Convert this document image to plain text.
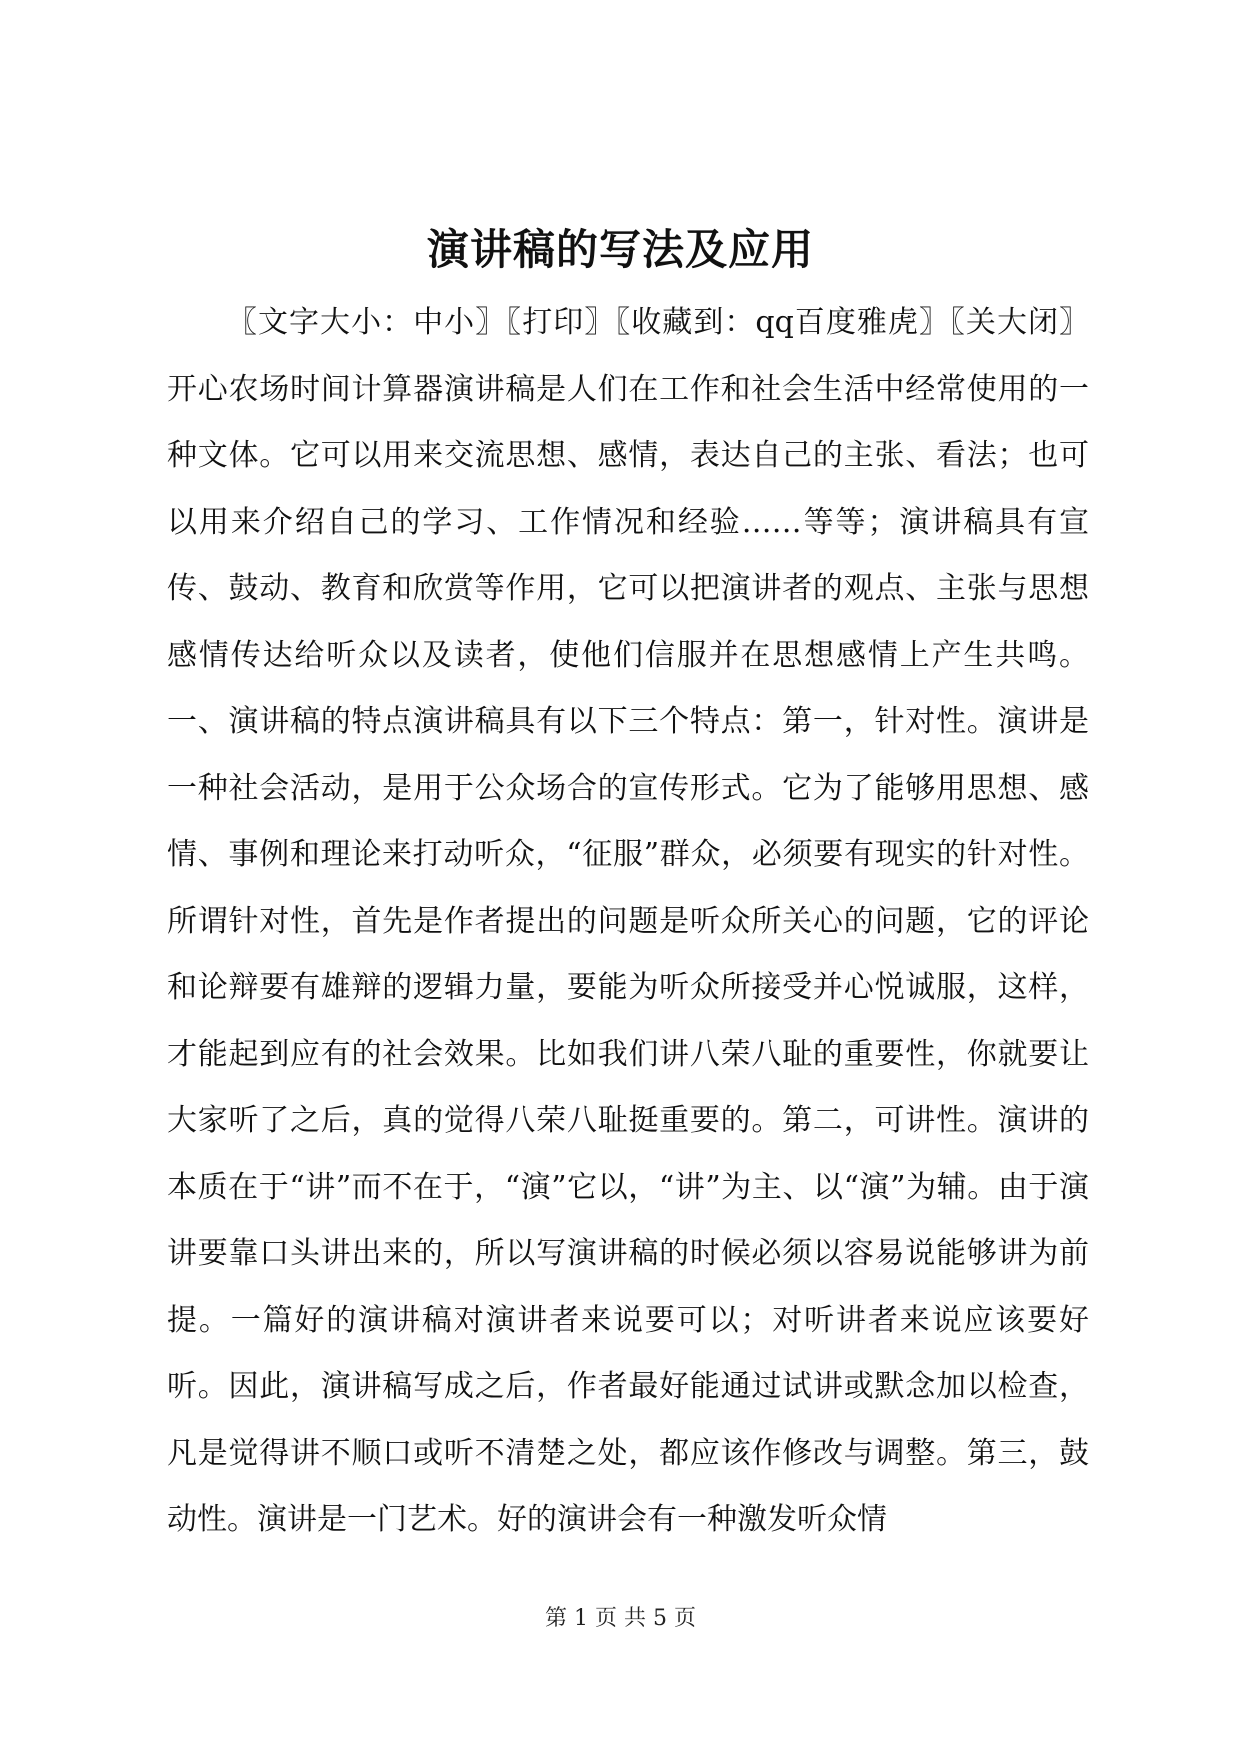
演讲稿的写法及应用

〖文字大小：中小〗〖打印〗〖收藏到：qq百度雅虎〗〖关大闭〗开心农场时间计算器演讲稿是人们在工作和社会生活中经常使用的一种文体。它可以用来交流思想、感情，表达自己的主张、看法；也可以用来介绍自己的学习、工作情况和经验……等等；演讲稿具有宣传、鼓动、教育和欣赏等作用，它可以把演讲者的观点、主张与思想感情传达给听众以及读者，使他们信服并在思想感情上产生共鸣。一、演讲稿的特点演讲稿具有以下三个特点：第一，针对性。演讲是一种社会活动，是用于公众场合的宣传形式。它为了能够用思想、感情、事例和理论来打动听众，“征服”群众，必须要有现实的针对性。所谓针对性，首先是作者提出的问题是听众所关心的问题，它的评论和论辩要有雄辩的逻辑力量，要能为听众所接受并心悦诚服，这样，才能起到应有的社会效果。比如我们讲八荣八耻的重要性，你就要让大家听了之后，真的觉得八荣八耻挺重要的。第二，可讲性。演讲的本质在于“讲”而不在于，“演”它以，“讲”为主、以“演”为辅。由于演讲要靠口头讲出来的，所以写演讲稿的时候必须以容易说能够讲为前提。一篇好的演讲稿对演讲者来说要可以；对听讲者来说应该要好听。因此，演讲稿写成之后，作者最好能通过试讲或默念加以检查，凡是觉得讲不顺口或听不清楚之处，都应该作修改与调整。第三，鼓动性。演讲是一门艺术。好的演讲会有一种激发听众情

第 1 页 共 5 页
